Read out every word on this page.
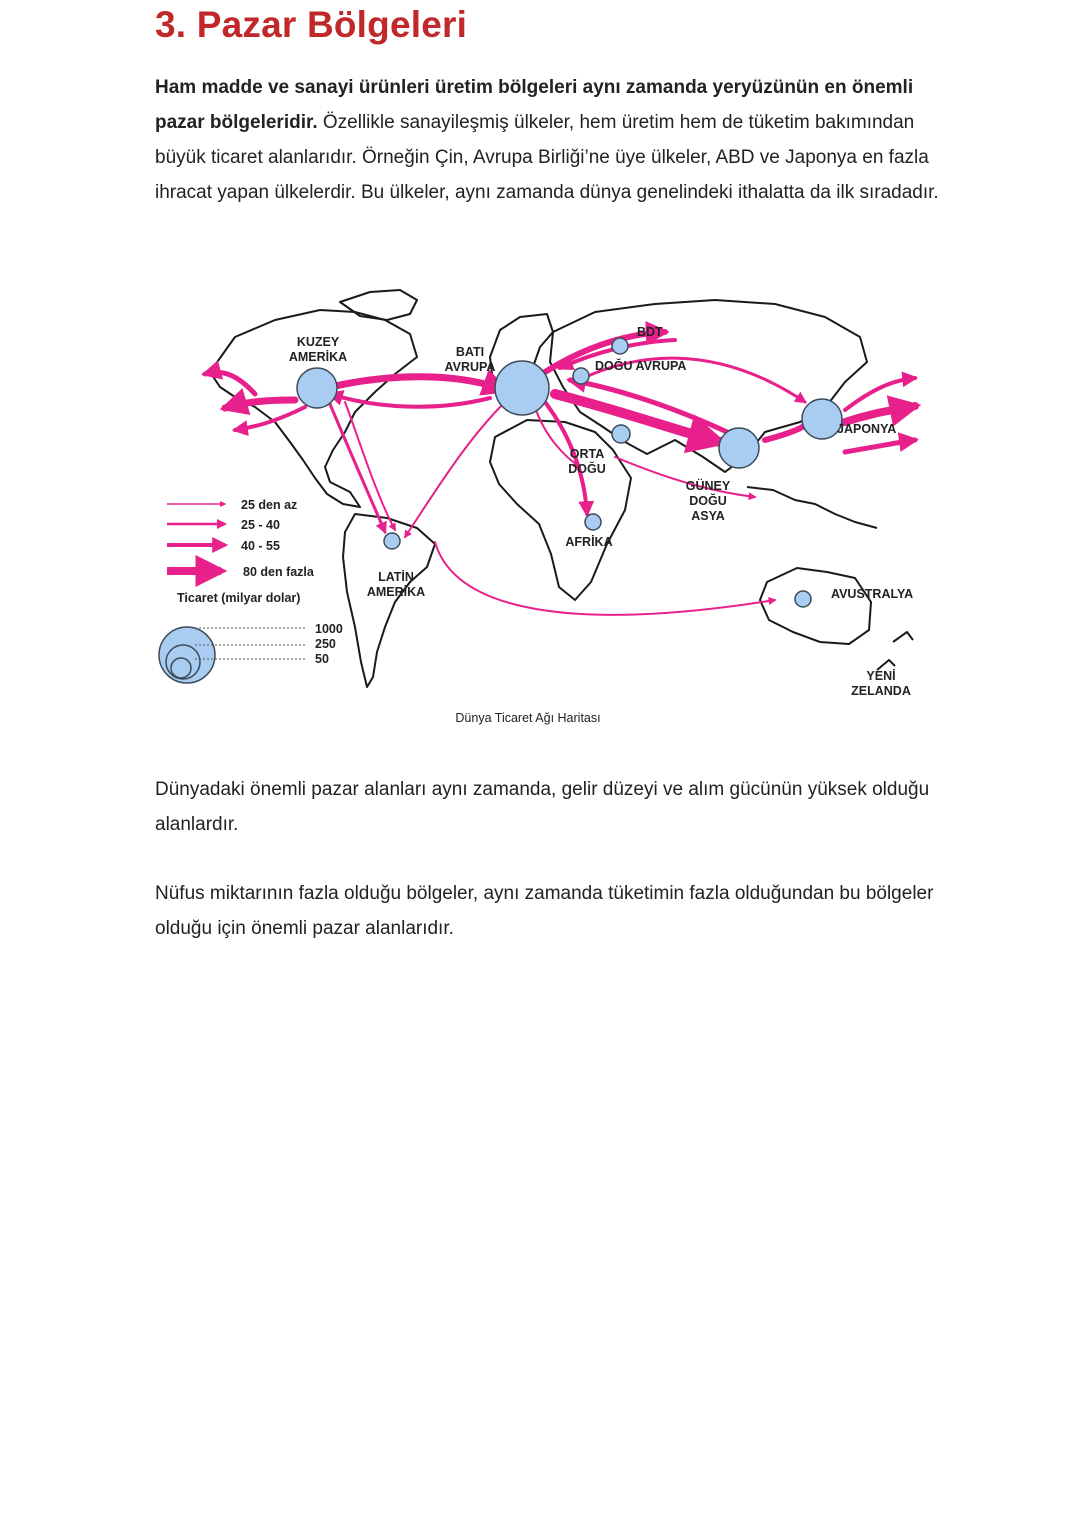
3. Pazar Bölgeleri

Ham madde ve sanayi ürünleri üretim bölgeleri aynı zamanda yeryüzünün en önemli pazar bölgeleridir. Özellikle sanayileşmiş ülkeler, hem üretim hem de tüketim bakımından büyük ticaret alanlarıdır. Örneğin Çin, Avrupa Birliği’ne üye ülkeler, ABD ve Japonya en fazla ihracat yapan ülkelerdir. Bu ülkeler, aynı zamanda dünya genelindeki ithalatta da ilk sıradadır.

KUZEY
AMERİKA	BATI
AVRUPA
BDT
DOĞU AVRUPA
ORTA
DOĞU
AFRİKA
GÜNEY
DOĞU
ASYA
JAPONYA
LATİN
AMERİKA	AVUSTRALYA
YENİ
ZELANDA
25 den az
25 - 40
40 - 55
80 den fazla
Ticaret (milyar dolar)
1000
250
50
Dünya Ticaret Ağı Haritası

Dünyadaki önemli pazar alanları aynı zamanda, gelir düzeyi ve alım gücünün yüksek olduğu alanlardır.

Nüfus miktarının fazla olduğu bölgeler, aynı zamanda tüketimin fazla olduğundan bu bölgeler olduğu için önemli pazar alanlarıdır.
